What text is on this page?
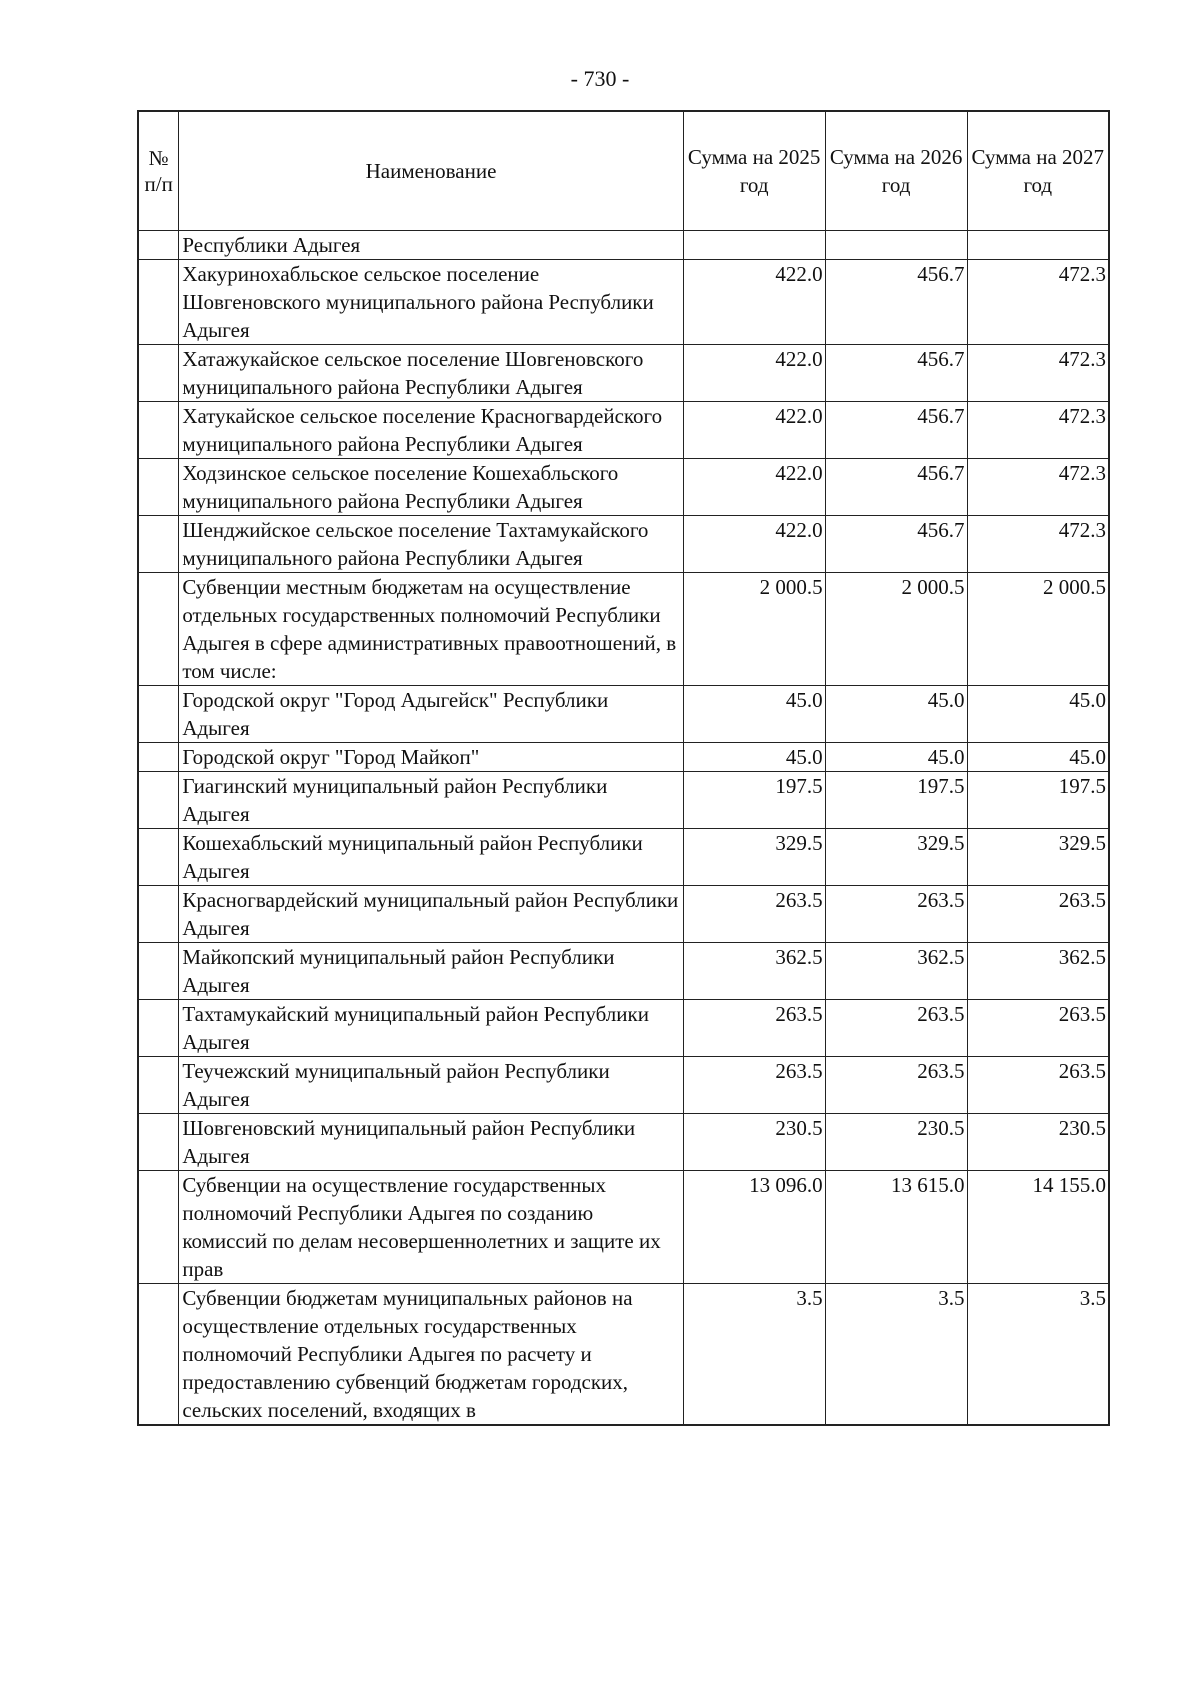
- 730 -
№ п/п	Наименование	Сумма на 2025 год	Сумма на 2026 год	Сумма на 2027 год
	Республики Адыгея			
	Хакуринохабльское сельское поселение Шовгеновского муниципального района Республики Адыгея	422.0	456.7	472.3
	Хатажукайское сельское поселение Шовгеновского муниципального района Республики Адыгея	422.0	456.7	472.3
	Хатукайское сельское поселение Красногвардейского муниципального района Республики Адыгея	422.0	456.7	472.3
	Ходзинское сельское поселение Кошехабльского муниципального района Республики Адыгея	422.0	456.7	472.3
	Шенджийское сельское поселение Тахтамукайского муниципального района Республики Адыгея	422.0	456.7	472.3
	Субвенции местным бюджетам на осуществление отдельных государственных полномочий Республики Адыгея в сфере административных правоотношений, в том числе:	2 000.5	2 000.5	2 000.5
	Городской округ "Город Адыгейск" Республики Адыгея	45.0	45.0	45.0
	Городской округ "Город Майкоп"	45.0	45.0	45.0
	Гиагинский муниципальный район Республики Адыгея	197.5	197.5	197.5
	Кошехабльский муниципальный район Республики Адыгея	329.5	329.5	329.5
	Красногвардейский муниципальный район Республики Адыгея	263.5	263.5	263.5
	Майкопский муниципальный район Республики Адыгея	362.5	362.5	362.5
	Тахтамукайский муниципальный район Республики Адыгея	263.5	263.5	263.5
	Теучежский муниципальный район Республики Адыгея	263.5	263.5	263.5
	Шовгеновский муниципальный район Республики Адыгея	230.5	230.5	230.5
	Субвенции на осуществление государственных полномочий Республики Адыгея по созданию комиссий по делам несовершеннолетних и защите их прав	13 096.0	13 615.0	14 155.0
	Субвенции бюджетам муниципальных районов на осуществление отдельных государственных полномочий Республики Адыгея по расчету и предоставлению субвенций бюджетам городских, сельских поселений, входящих в	3.5	3.5	3.5
